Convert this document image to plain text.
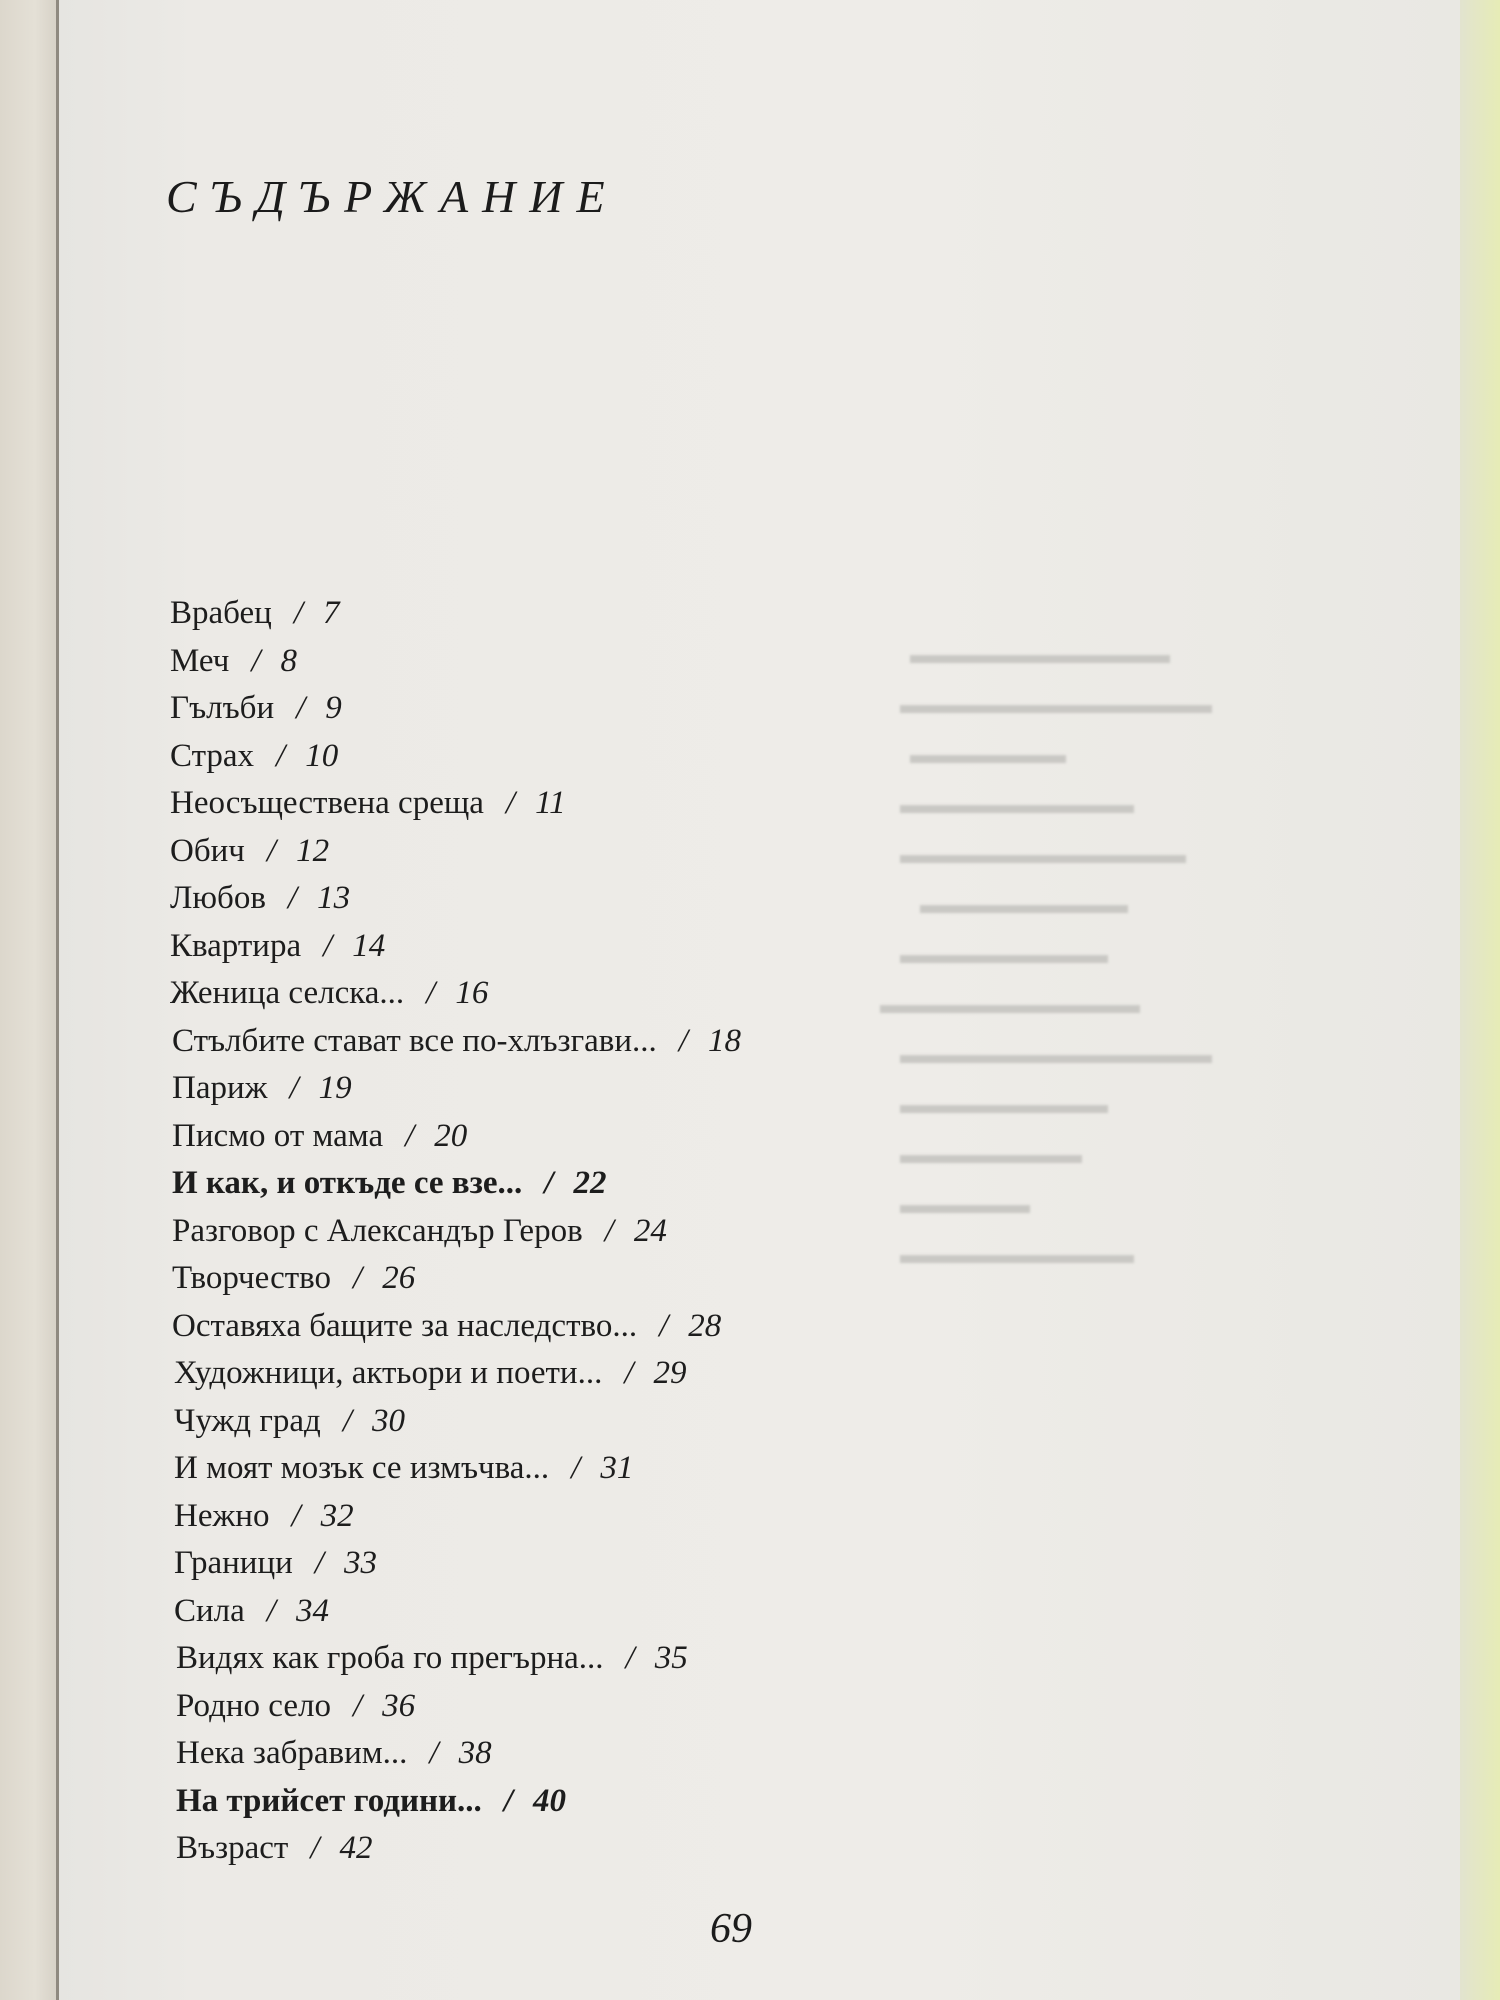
▬▬▬▬▬▬▬▬▬▬
▬▬▬▬▬▬▬▬▬▬▬▬
▬▬▬▬▬▬
▬▬▬▬▬▬▬▬▬
▬▬▬▬▬▬▬▬▬▬▬
▬▬▬▬▬▬▬▬
▬▬▬▬▬▬▬▬
▬▬▬▬▬▬▬▬▬▬
▬▬▬▬▬▬▬▬▬▬▬▬
▬▬▬▬▬▬▬▬
▬▬▬▬▬▬▬
▬▬▬▬▬
▬▬▬▬▬▬▬▬▬
СЪДЪРЖАНИЕ
Врабец / 7
Меч / 8
Гълъби / 9
Страх / 10
Неосъществена среща / 11
Обич / 12
Любов / 13
Квартира / 14
Женица селска... / 16
Стълбите стават все по-хлъзгави... / 18
Париж / 19
Писмо от мама / 20
И как, и откъде се взе... / 22
Разговор с Александър Геров / 24
Творчество / 26
Оставяха бащите за наследство... / 28
Художници, актьори и поети... / 29
Чужд град / 30
И моят мозък се измъчва... / 31
Нежно / 32
Граници / 33
Сила / 34
Видях как гроба го прегърна... / 35
Родно село / 36
Нека забравим... / 38
На трийсет години... / 40
Възраст / 42
69
